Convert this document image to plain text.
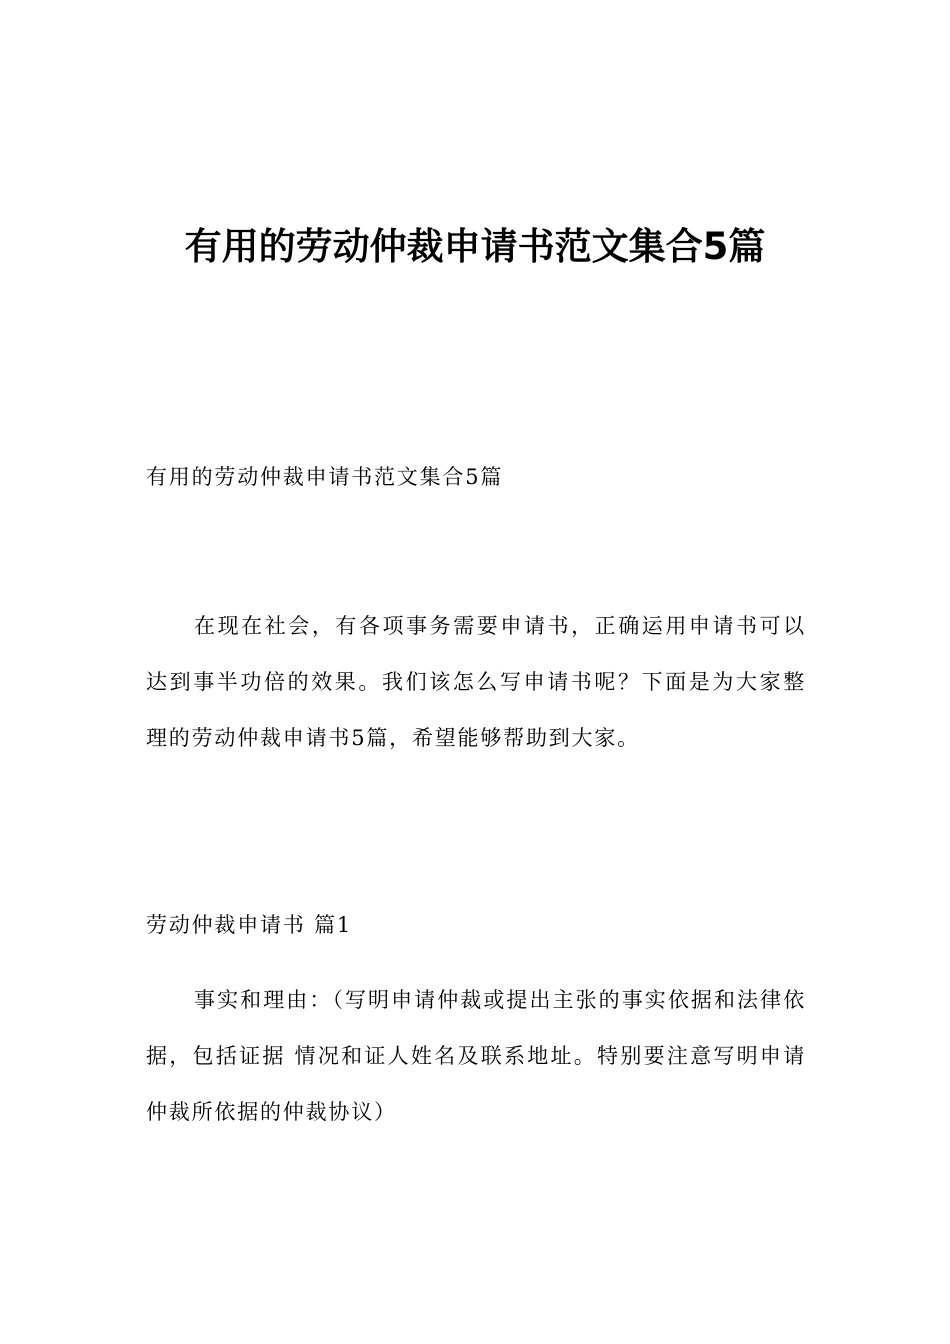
有用的劳动仲裁申请书范文集合5篇
有用的劳动仲裁申请书范文集合5篇

在现在社会，有各项事务需要申请书，正确运用申请书可以达到事半功倍的效果。我们该怎么写申请书呢？下面是为大家整理的劳动仲裁申请书5篇，希望能够帮助到大家。

劳动仲裁申请书 篇1

事实和理由：（写明申请仲裁或提出主张的事实依据和法律依据，包括证据 情况和证人姓名及联系地址。特别要注意写明申请仲裁所依据的仲裁协议）
